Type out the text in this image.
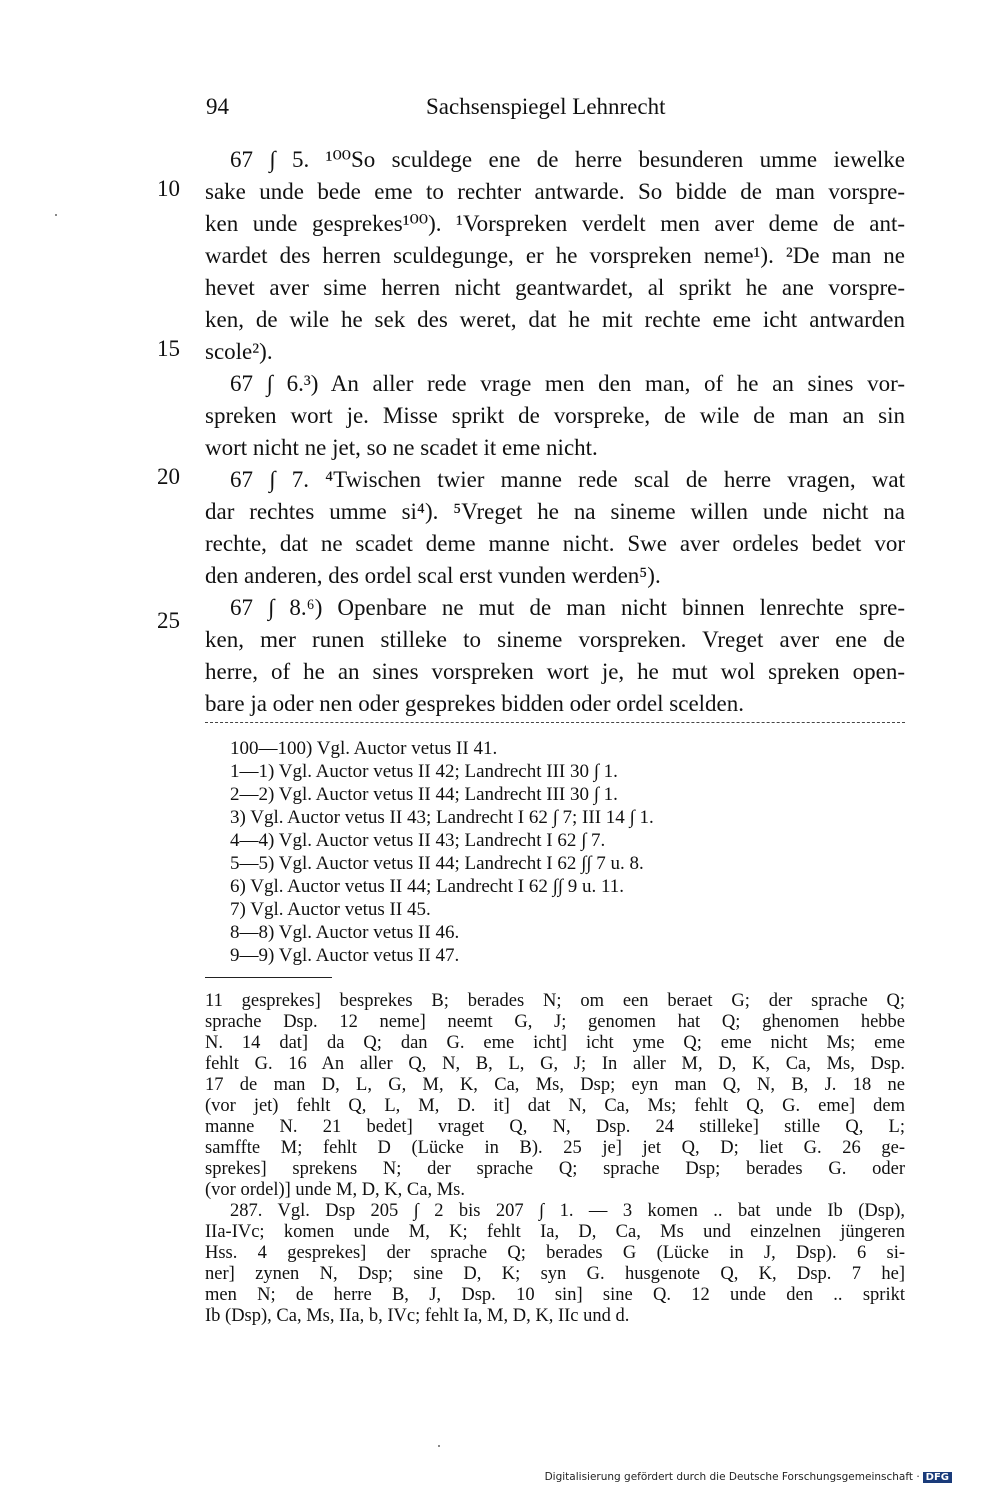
94	Sachsenspiegel Lehnrecht
10
15
20
25
67 ∫ 5. ¹⁰⁰So sculdege ene de herre besunderen umme iewelke
sake unde bede eme to rechter antwarde. So bidde de man vorspre-
ken unde gesprekes¹⁰⁰). ¹Vorspreken verdelt men aver deme de ant-
wardet des herren sculdegunge, er he vorspreken neme¹). ²De man ne
hevet aver sime herren nicht geantwardet, al sprikt he ane vorspre-
ken, de wile he sek des weret, dat he mit rechte eme icht antwarden
scole²).
67 ∫ 6.³) An aller rede vrage men den man, of he an sines vor-
spreken wort je. Misse sprikt de vorspreke, de wile de man an sin
wort nicht ne jet, so ne scadet it eme nicht.
67 ∫ 7. ⁴Twischen twier manne rede scal de herre vragen, wat
dar rechtes umme si⁴). ⁵Vreget he na sineme willen unde nicht na
rechte, dat ne scadet deme manne nicht. Swe aver ordeles bedet vor
den anderen, des ordel scal erst vunden werden⁵).
67 ∫ 8.⁶) Openbare ne mut de man nicht binnen lenrechte spre-
ken, mer runen stilleke to sineme vorspreken. Vreget aver ene de
herre, of he an sines vorspreken wort je, he mut wol spreken open-
bare ja oder nen oder gesprekes bidden oder ordel scelden.
100—100) Vgl. Auctor vetus II 41.
1—1) Vgl. Auctor vetus II 42; Landrecht III 30 ∫ 1.
2—2) Vgl. Auctor vetus II 44; Landrecht III 30 ∫ 1.
3) Vgl. Auctor vetus II 43; Landrecht I 62 ∫ 7; III 14 ∫ 1.
4—4) Vgl. Auctor vetus II 43; Landrecht I 62 ∫ 7.
5—5) Vgl. Auctor vetus II 44; Landrecht I 62 ∫∫ 7 u. 8.
6) Vgl. Auctor vetus II 44; Landrecht I 62 ∫∫ 9 u. 11.
7) Vgl. Auctor vetus II 45.
8—8) Vgl. Auctor vetus II 46.
9—9) Vgl. Auctor vetus II 47.
11 gesprekes] besprekes B; berades N; om een beraet G; der sprache Q;
sprache Dsp. 12 neme] neemt G, J; genomen hat Q; ghenomen hebbe
N. 14 dat] da Q; dan G. eme icht] icht yme Q; eme nicht Ms; eme
fehlt G. 16 An aller Q, N, B, L, G, J; In aller M, D, K, Ca, Ms, Dsp.
17 de man D, L, G, M, K, Ca, Ms, Dsp; eyn man Q, N, B, J. 18 ne
(vor jet) fehlt Q, L, M, D. it] dat N, Ca, Ms; fehlt Q, G. eme] dem
manne N. 21 bedet] vraget Q, N, Dsp. 24 stilleke] stille Q, L;
samffte M; fehlt D (Lücke in B). 25 je] jet Q, D; liet G. 26 ge-
sprekes] sprekens N; der sprache Q; sprache Dsp; berades G. oder
(vor ordel)] unde M, D, K, Ca, Ms.
287. Vgl. Dsp 205 ∫ 2 bis 207 ∫ 1. — 3 komen .. bat unde Ib (Dsp),
IIa-IVc; komen unde M, K; fehlt Ia, D, Ca, Ms und einzelnen jüngeren
Hss. 4 gesprekes] der sprache Q; berades G (Lücke in J, Dsp). 6 si-
ner] zynen N, Dsp; sine D, K; syn G. husgenote Q, K, Dsp. 7 he]
men N; de herre B, J, Dsp. 10 sin] sine Q. 12 unde den .. sprikt
Ib (Dsp), Ca, Ms, IIa, b, IVc; fehlt Ia, M, D, K, IIc und d.
Digitalisierung gefördert durch die Deutsche Forschungsgemeinschaft · DFG
